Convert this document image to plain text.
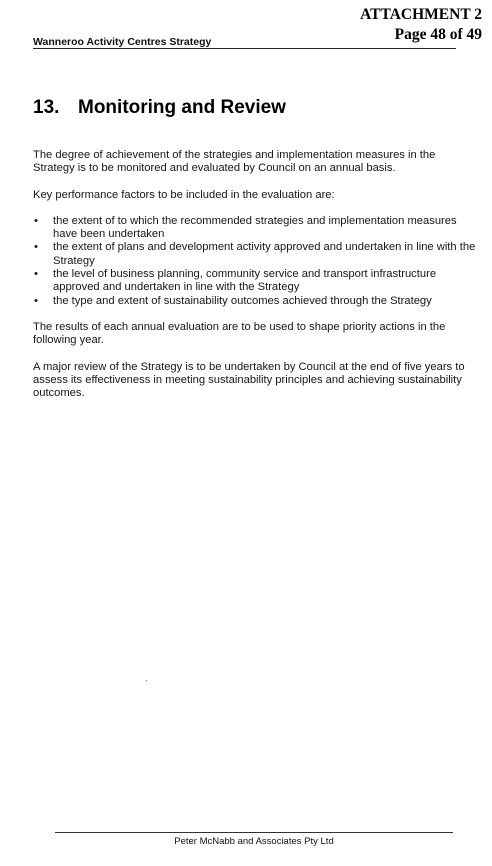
ATTACHMENT 2
Page 48 of 49
Wanneroo Activity Centres Strategy
13. Monitoring and Review

The degree of achievement of the strategies and implementation measures in the Strategy is to be monitored and evaluated by Council on an annual basis.

Key performance factors to be included in the evaluation are:

• the extent of to which the recommended strategies and implementation measures have been undertaken
• the extent of plans and development activity approved and undertaken in line with the Strategy
• the level of business planning, community service and transport infrastructure approved and undertaken in line with the Strategy
• the type and extent of sustainability outcomes achieved through the Strategy

The results of each annual evaluation are to be used to shape priority actions in the following year.

A major review of the Strategy is to be undertaken by Council at the end of five years to assess its effectiveness in meeting sustainability principles and achieving sustainability outcomes.

Peter McNabb and Associates Pty Ltd
